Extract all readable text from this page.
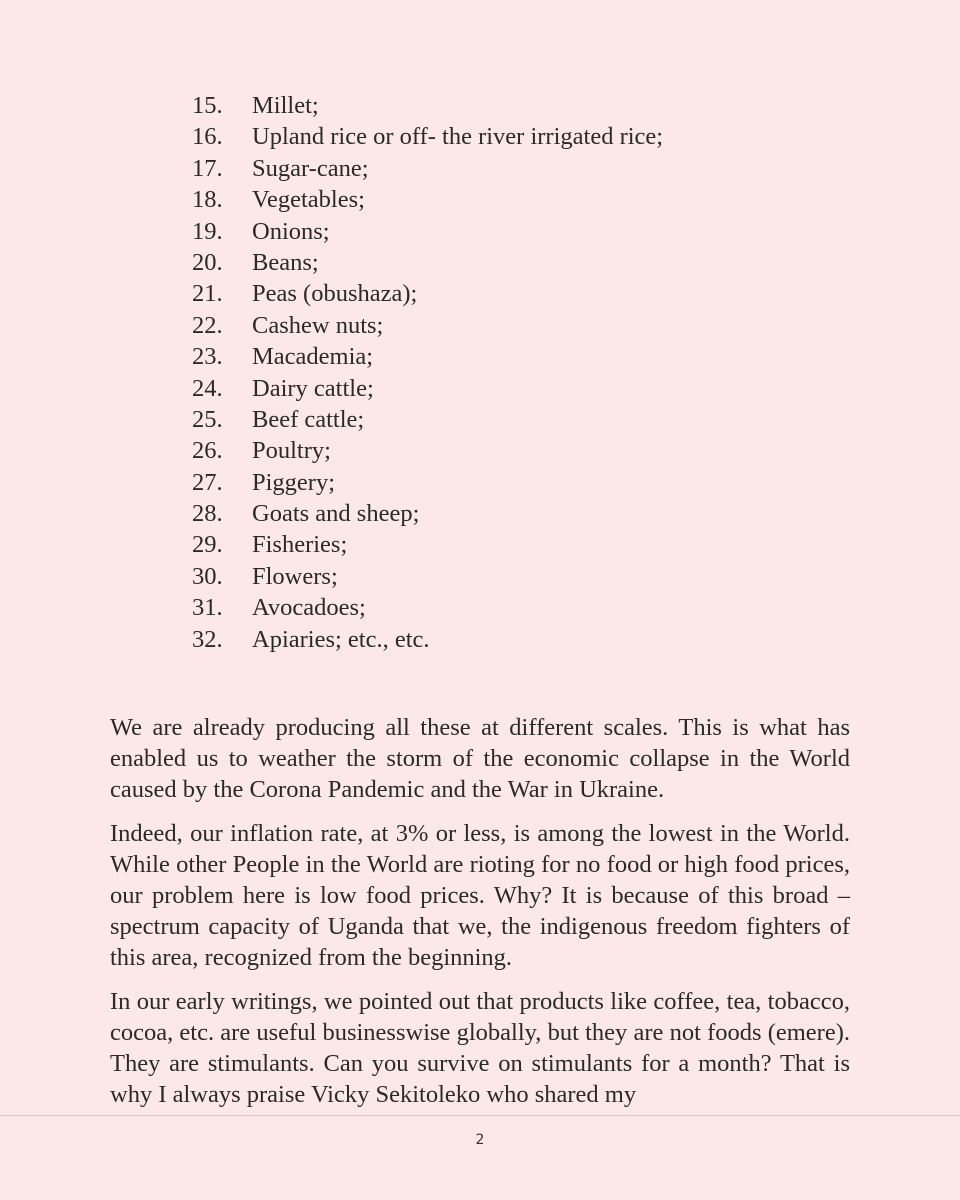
15.	Millet;
16.	Upland rice or off- the river irrigated rice;
17.	Sugar-cane;
18.	Vegetables;
19.	Onions;
20.	Beans;
21.	Peas (obushaza);
22.	Cashew nuts;
23.	Macademia;
24.	Dairy cattle;
25.	Beef cattle;
26.	Poultry;
27.	Piggery;
28.	Goats and sheep;
29.	Fisheries;
30.	Flowers;
31.	Avocadoes;
32.	Apiaries; etc., etc.

We are already producing all these at different scales. This is what has enabled us to weather the storm of the economic collapse in the World caused by the Corona Pandemic and the War in Ukraine.

Indeed, our inflation rate, at 3% or less, is among the lowest in the World. While other People in the World are rioting for no food or high food prices, our problem here is low food prices. Why? It is because of this broad – spectrum capacity of Uganda that we, the indigenous freedom fighters of this area, recognized from the beginning.

In our early writings, we pointed out that products like coffee, tea, tobacco, cocoa, etc. are useful businesswise globally, but they are not foods (emere). They are stimulants. Can you survive on stimulants for a month? That is why I always praise Vicky Sekitoleko who shared my

2
